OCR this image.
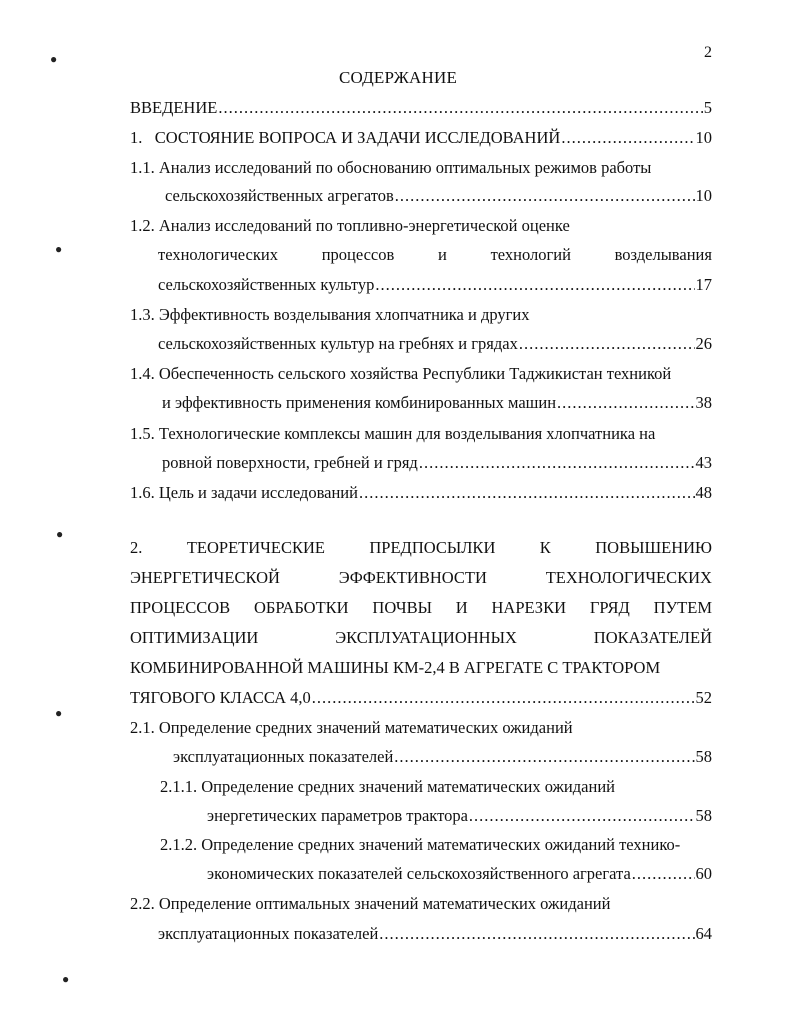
●
●
●
●
●
2
СОДЕРЖАНИЕ
ВВЕДЕНИЕ .....	5
1.   СОСТОЯНИЕ ВОПРОСА И ЗАДАЧИ ИССЛЕДОВАНИЙ .....	10
1.1. Анализ исследований по обоснованию оптимальных режимов работы
сельскохозяйственных агрегатов .....	10
1.2. Анализ исследований по топливно-энергетической оценке
технологических	процессов	и	технологий	возделывания
сельскохозяйственных культур .....	17
1.3. Эффективность возделывания хлопчатника и других
сельскохозяйственных культур на гребнях и грядах .....	26
1.4. Обеспеченность сельского хозяйства Республики Таджикистан техникой
и эффективность применения комбинированных машин .....	38
1.5. Технологические комплексы машин для возделывания хлопчатника на
ровной поверхности, гребней и гряд .....	43
1.6. Цель и задачи исследований .....	48
2.	ТЕОРЕТИЧЕСКИЕ	ПРЕДПОСЫЛКИ	К	ПОВЫШЕНИЮ
ЭНЕРГЕТИЧЕСКОЙ	ЭФФЕКТИВНОСТИ	ТЕХНОЛОГИЧЕСКИХ
ПРОЦЕССОВ ОБРАБОТКИ ПОЧВЫ И НАРЕЗКИ ГРЯД ПУТЕМ
ОПТИМИЗАЦИИ	ЭКСПЛУАТАЦИОННЫХ	ПОКАЗАТЕЛЕЙ
КОМБИНИРОВАННОЙ МАШИНЫ КМ-2,4 В АГРЕГАТЕ С ТРАКТОРОМ
ТЯГОВОГО КЛАССА 4,0 .....	52
2.1. Определение средних значений математических ожиданий
эксплуатационных показателей .....	58
2.1.1. Определение средних значений математических ожиданий
энергетических параметров трактора .....	58
2.1.2. Определение средних значений математических ожиданий технико-
экономических показателей сельскохозяйственного агрегата .....	60
2.2. Определение оптимальных значений математических ожиданий
эксплуатационных показателей .....	64
